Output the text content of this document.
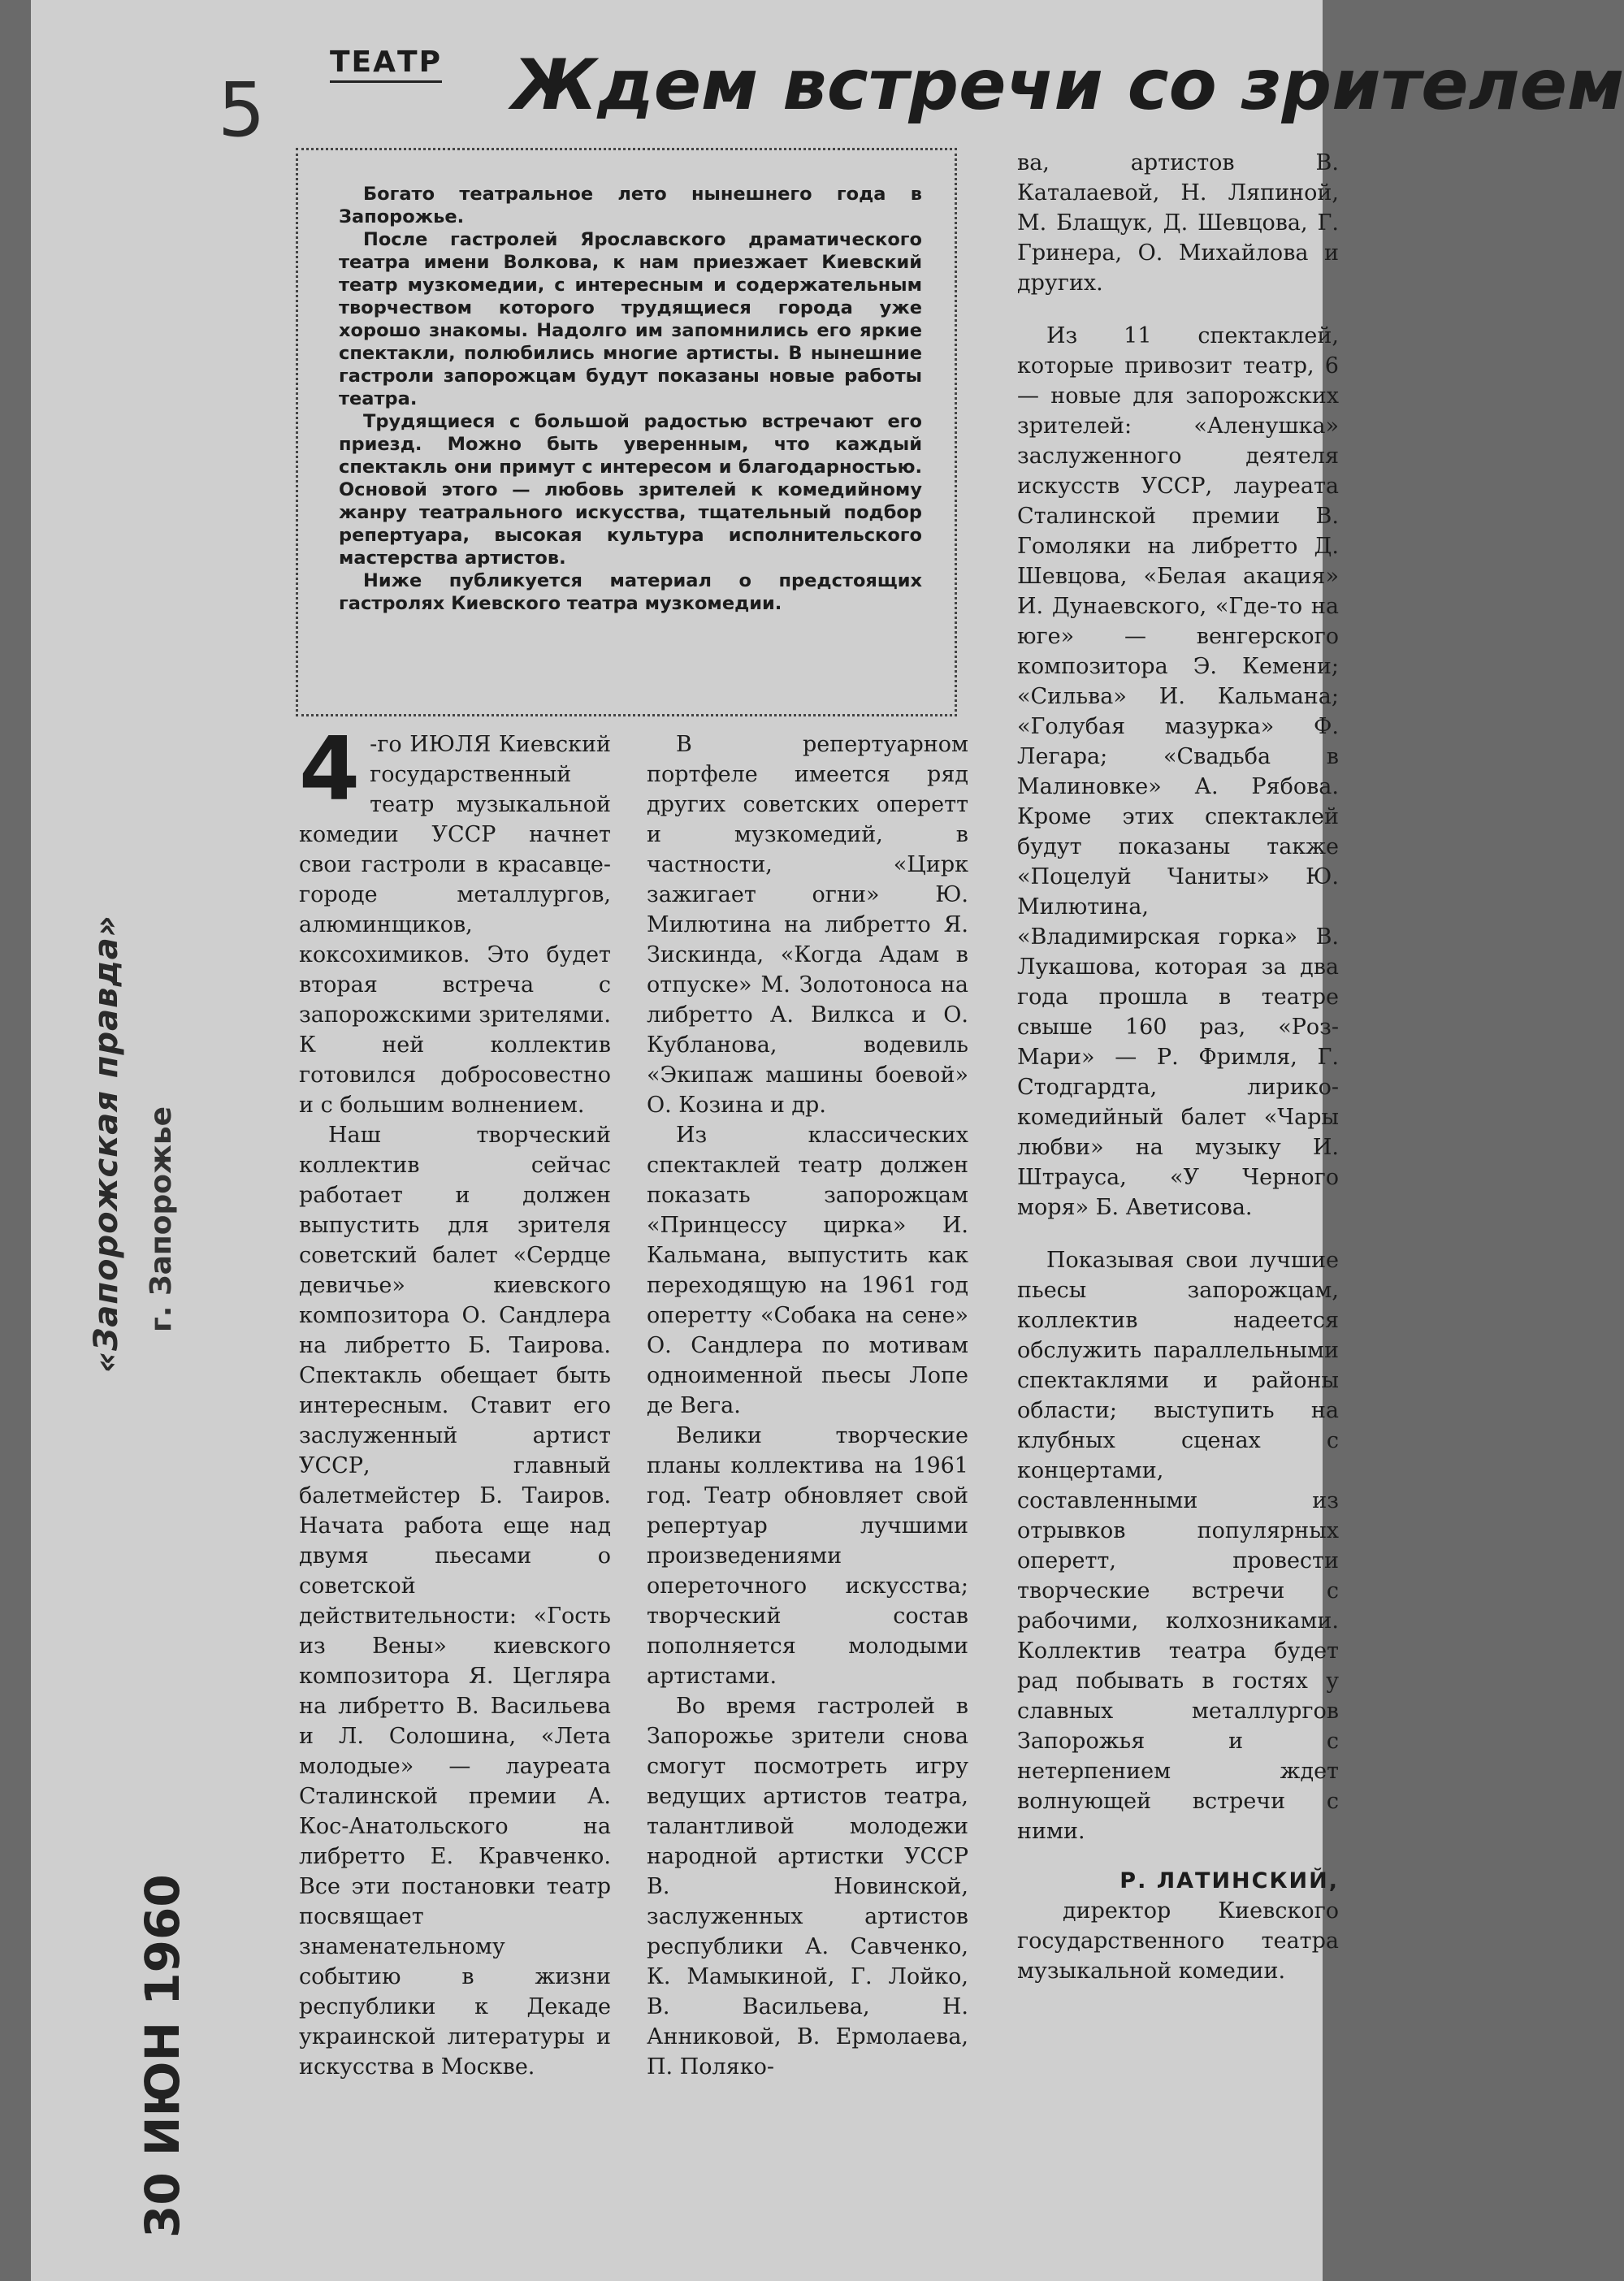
5
«Запорожская правда» г. Запорожье
30 ИЮН 1960
ТЕАТР Ждем встречи со зрителем

Богато театральное лето нынешнего года в Запорожье.

После гастролей Ярославского драматического театра имени Волкова, к нам приезжает Киевский театр музкомедии, с интересным и содержательным творчеством которого трудящиеся города уже хорошо знакомы. Надолго им запомнились его яркие спектакли, полюбились многие артисты. В нынешние гастроли запорожцам будут показаны новые работы театра.

Трудящиеся с большой радостью встречают его приезд. Можно быть уверенным, что каждый спектакль они примут с интересом и благодарностью. Основой этого — любовь зрителей к комедийному жанру театрального искусства, тщательный подбор репертуара, высокая культура исполнительского мастерства артистов.

Ниже публикуется материал о предстоящих гастролях Киевского театра музкомедии.

4 -го ИЮЛЯ Киевский государственный театр музыкальной комедии УССР начнет свои гастроли в красавце-городе металлургов, алюминщиков, коксохимиков. Это будет вторая встреча с запорожскими зрителями. К ней коллектив готовился добросовестно и с большим волнением.

Наш творческий коллектив сейчас работает и должен выпустить для зрителя советский балет «Сердце девичье» киевского композитора О. Сандлера на либретто Б. Таирова. Спектакль обещает быть интересным. Ставит его заслуженный артист УССР, главный балетмейстер Б. Таиров. Начата работа еще над двумя пьесами о советской действительности: «Гость из Вены» киевского композитора Я. Цегляра на либретто В. Васильева и Л. Солошина, «Лета молодые» — лауреата Сталинской премии А. Кос-Анатольского на либретто Е. Кравченко. Все эти постановки театр посвящает знаменательному событию в жизни республики к Декаде украинской литературы и искусства в Москве.

В репертуарном портфеле имеется ряд других советских оперетт и музкомедий, в частности, «Цирк зажигает огни» Ю. Милютина на либретто Я. Зискинда, «Когда Адам в отпуске» М. Золотоноса на либретто А. Вилкса и О. Кубланова, водевиль «Экипаж машины боевой» О. Козина и др.

Из классических спектаклей театр должен показать запорожцам «Принцессу цирка» И. Кальмана, выпустить как переходящую на 1961 год оперетту «Собака на сене» О. Сандлера по мотивам одноименной пьесы Лопе де Вега.

Велики творческие планы коллектива на 1961 год. Театр обновляет свой репертуар лучшими произведениями опереточного искусства; творческий состав пополняется молодыми артистами.

Во время гастролей в Запорожье зрители снова смогут посмотреть игру ведущих артистов театра, талантливой молодежи народной артистки УССР В. Новинской, заслуженных артистов республики А. Савченко, К. Мамыкиной, Г. Лойко, В. Васильева, Н. Анниковой, В. Ермолаева, П. Поляко-

ва, артистов В. Каталаевой, Н. Ляпиной, М. Блащук, Д. Шевцова, Г. Гринера, О. Михайлова и других.

Из 11 спектаклей, которые привозит театр, 6 — новые для запорожских зрителей: «Аленушка» заслуженного деятеля искусств УССР, лауреата Сталинской премии В. Гомоляки на либретто Д. Шевцова, «Белая акация» И. Дунаевского, «Где-то на юге» — венгерского композитора Э. Кемени; «Сильва» И. Кальмана; «Голубая мазурка» Ф. Легара; «Свадьба в Малиновке» А. Рябова. Кроме этих спектаклей будут показаны также «Поцелуй Чаниты» Ю. Милютина, «Владимирская горка» В. Лукашова, которая за два года прошла в театре свыше 160 раз, «Роз-Мари» — Р. Фримля, Г. Стодгардта, лирико-комедийный балет «Чары любви» на музыку И. Штрауса, «У Черного моря» Б. Аветисова.

Показывая свои лучшие пьесы запорожцам, коллектив надеется обслужить параллельными спектаклями и районы области; выступить на клубных сценах с концертами, составленными из отрывков популярных оперетт, провести творческие встречи с рабочими, колхозниками. Коллектив театра будет рад побывать в гостях у славных металлургов Запорожья и с нетерпением ждет волнующей встречи с ними.

Р. ЛАТИНСКИЙ,

директор Киевского государственного театра музыкальной комедии.
